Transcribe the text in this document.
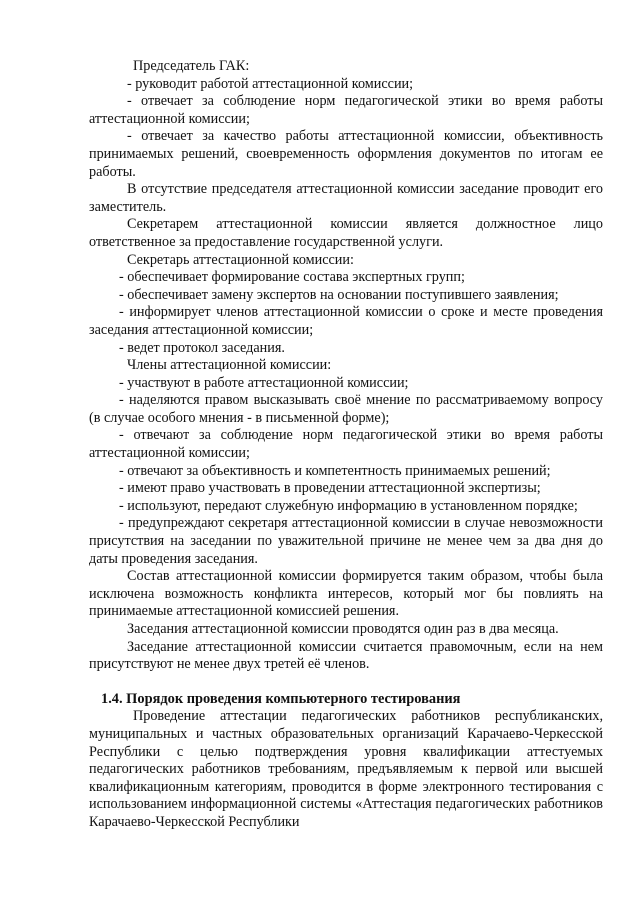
Председатель ГАК:

- руководит работой аттестационной комиссии;

- отвечает за соблюдение норм педагогической этики во время работы аттестационной комиссии;

- отвечает за качество работы аттестационной комиссии, объективность принимаемых решений, своевременность оформления документов по итогам ее работы.

В отсутствие председателя аттестационной комиссии заседание проводит его заместитель.

Секретарем аттестационной комиссии является должностное лицо ответственное за предоставление государственной услуги.

Секретарь аттестационной комиссии:

- обеспечивает формирование состава экспертных групп;

- обеспечивает замену экспертов на основании поступившего заявления;

- информирует членов аттестационной комиссии о сроке и месте проведения заседания аттестационной комиссии;

- ведет протокол заседания.

Члены аттестационной комиссии:

- участвуют в работе аттестационной комиссии;

- наделяются правом высказывать своё мнение по рассматриваемому вопросу (в случае особого мнения - в письменной форме);

- отвечают за соблюдение норм педагогической этики во время работы аттестационной комиссии;

- отвечают за объективность и компетентность принимаемых решений;

- имеют право участвовать в проведении аттестационной экспертизы;

- используют, передают служебную информацию в установленном порядке;

- предупреждают секретаря аттестационной комиссии в случае невозможности присутствия на заседании по уважительной причине не менее чем за два дня до даты проведения заседания.

Состав аттестационной комиссии формируется таким образом, чтобы была исключена возможность конфликта интересов, который мог бы повлиять на принимаемые аттестационной комиссией решения.

Заседания аттестационной комиссии проводятся один раз в два месяца.

Заседание аттестационной комиссии считается правомочным, если на нем присутствуют не менее двух третей её членов.

1.4. Порядок проведения компьютерного тестирования

Проведение аттестации педагогических работников республиканских, муниципальных и частных образовательных организаций Карачаево-Черкесской Республики с целью подтверждения уровня квалификации аттестуемых педагогических работников требованиям, предъявляемым к первой или высшей квалификационным категориям, проводится в форме электронного тестирования с использованием информационной системы «Аттестация педагогических работников Карачаево-Черкесской Республики
